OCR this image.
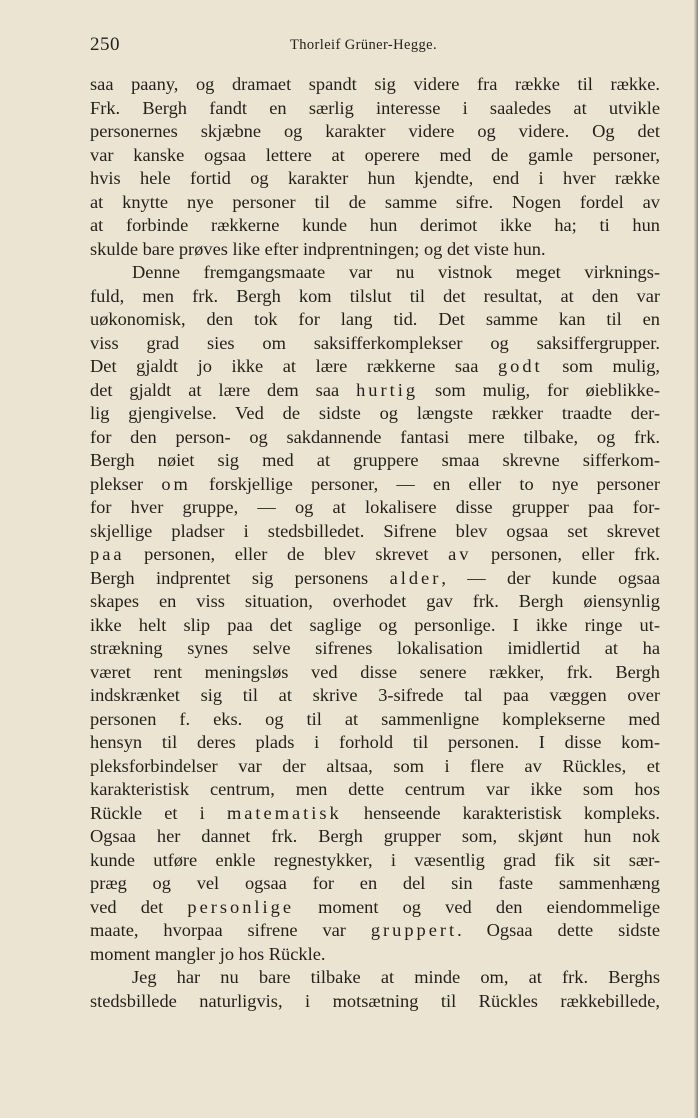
250	Thorleif Grüner-Hegge.
saa paany, og dramaet spandt sig videre fra række til række.
Frk. Bergh fandt en særlig interesse i saaledes at utvikle
personernes skjæbne og karakter videre og videre. Og det
var kanske ogsaa lettere at operere med de gamle personer,
hvis hele fortid og karakter hun kjendte, end i hver række
at knytte nye personer til de samme sifre. Nogen fordel av
at forbinde rækkerne kunde hun derimot ikke ha; ti hun
skulde bare prøves like efter indprentningen; og det viste hun.
Denne fremgangsmaate var nu vistnok meget virknings-
fuld, men frk. Bergh kom tilslut til det resultat, at den var
uøkonomisk, den tok for lang tid. Det samme kan til en
viss grad sies om saksifferkomplekser og saksiffergrupper.
Det gjaldt jo ikke at lære rækkerne saa godt som mulig,
det gjaldt at lære dem saa hurtig som mulig, for øieblikke-
lig gjengivelse. Ved de sidste og længste rækker traadte der-
for den person- og sakdannende fantasi mere tilbake, og frk.
Bergh nøiet sig med at gruppere smaa skrevne sifferkom-
plekser om forskjellige personer, — en eller to nye personer
for hver gruppe, — og at lokalisere disse grupper paa for-
skjellige pladser i stedsbilledet. Sifrene blev ogsaa set skrevet
paa personen, eller de blev skrevet av personen, eller frk.
Bergh indprentet sig personens alder, — der kunde ogsaa
skapes en viss situation, overhodet gav frk. Bergh øiensynlig
ikke helt slip paa det saglige og personlige. I ikke ringe ut-
strækning synes selve sifrenes lokalisation imidlertid at ha
været rent meningsløs ved disse senere rækker, frk. Bergh
indskrænket sig til at skrive 3-sifrede tal paa væggen over
personen f. eks. og til at sammenligne komplekserne med
hensyn til deres plads i forhold til personen. I disse kom-
pleksforbindelser var der altsaa, som i flere av Rückles, et
karakteristisk centrum, men dette centrum var ikke som hos
Rückle et i matematisk henseende karakteristisk kompleks.
Ogsaa her dannet frk. Bergh grupper som, skjønt hun nok
kunde utføre enkle regnestykker, i væsentlig grad fik sit sær-
præg og vel ogsaa for en del sin faste sammenhæng
ved det personlige moment og ved den eiendommelige
maate, hvorpaa sifrene var gruppert. Ogsaa dette sidste
moment mangler jo hos Rückle.
Jeg har nu bare tilbake at minde om, at frk. Berghs
stedsbillede naturligvis, i motsætning til Rückles rækkebillede,
